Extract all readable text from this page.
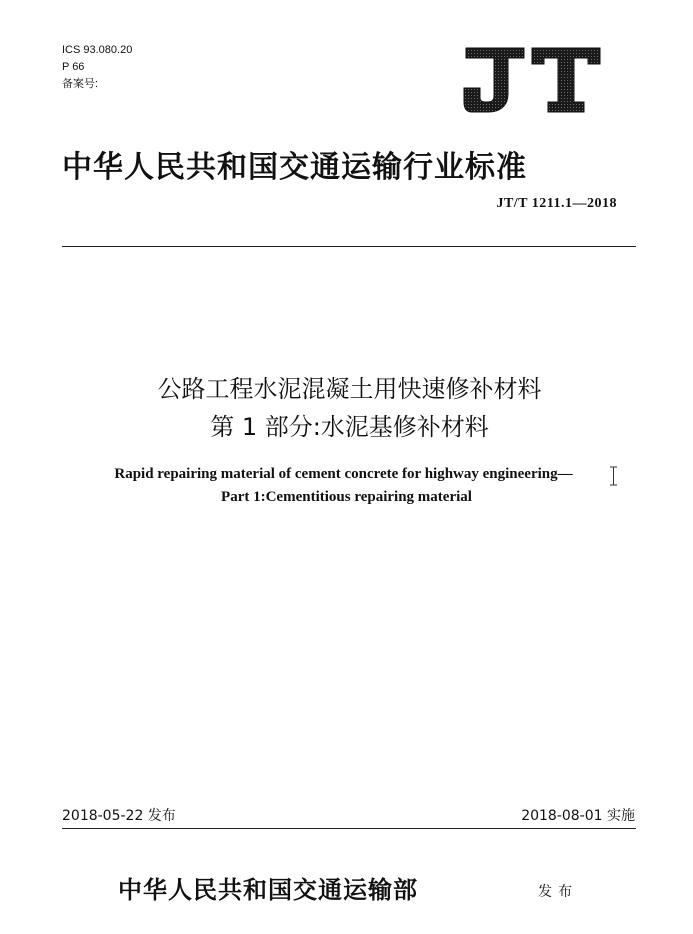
ICS 93.080.20
P 66
备案号:
中华人民共和国交通运输行业标准
JT/T 1211.1—2018
公路工程水泥混凝土用快速修补材料
第 1 部分:水泥基修补材料
Rapid repairing material of cement concrete for highway engineering—
Part 1:Cementitious repairing material
2018-05-22 发布	2018-08-01 实施
中华人民共和国交通运输部	发布
